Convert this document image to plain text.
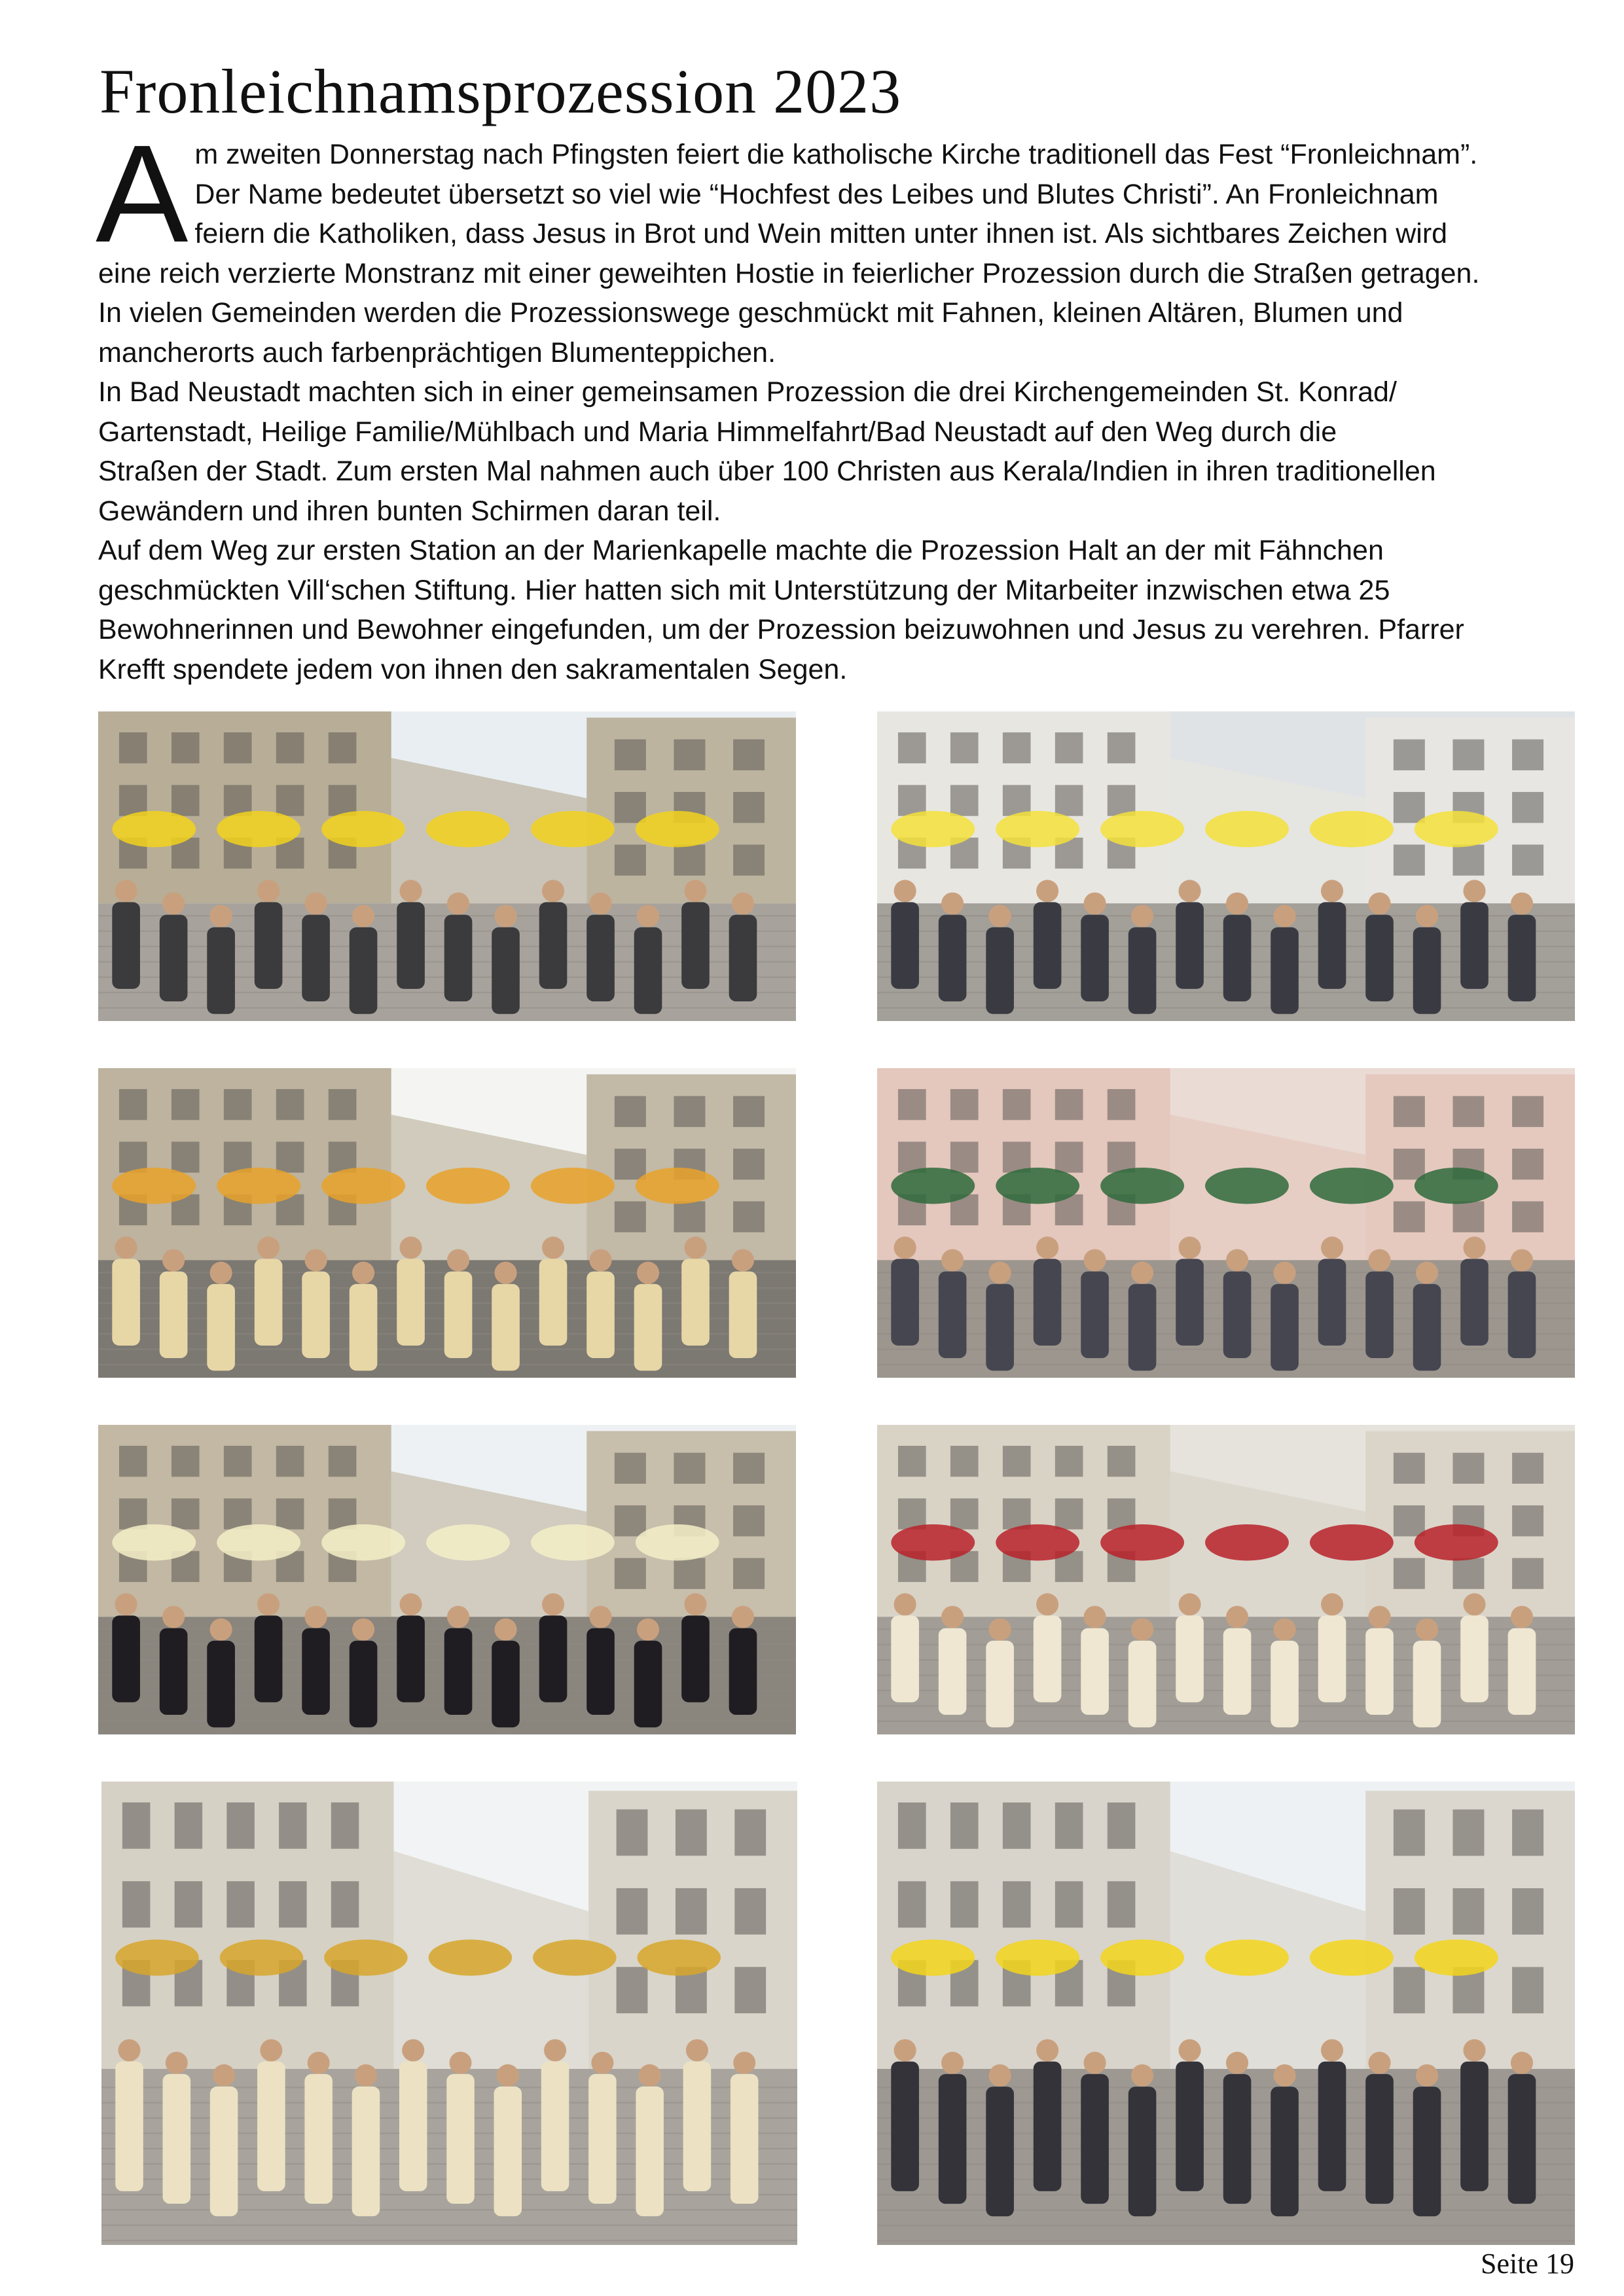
Fronleichnamsprozession 2023
A m zweiten Donnerstag nach Pfingsten feiert die katholische Kirche traditionell das Fest “Fronleichnam”.
Der Name bedeutet übersetzt so viel wie “Hochfest des Leibes und Blutes Christi”. An Fronleichnam
feiern die Katholiken, dass Jesus in Brot und Wein mitten unter ihnen ist. Als sichtbares Zeichen wird
eine reich verzierte Monstranz mit einer geweihten Hostie in feierlicher Prozession durch die Straßen getragen.
In vielen Gemeinden werden die Prozessionswege geschmückt mit Fahnen, kleinen Altären, Blumen und
mancherorts auch farbenprächtigen Blumenteppichen.
In Bad Neustadt machten sich in einer gemeinsamen Prozession die drei Kirchengemeinden St. Konrad/
Gartenstadt, Heilige Familie/Mühlbach und Maria Himmelfahrt/Bad Neustadt auf den Weg durch die
Straßen der Stadt. Zum ersten Mal nahmen auch über 100 Christen aus Kerala/Indien in ihren traditionellen
Gewändern und ihren bunten Schirmen daran teil.
Auf dem Weg zur ersten Station an der Marienkapelle machte die Prozession Halt an der mit Fähnchen
geschmückten Vill‘schen Stiftung. Hier hatten sich mit Unterstützung der Mitarbeiter inzwischen etwa 25
Bewohnerinnen und Bewohner eingefunden, um der Prozession beizuwohnen und Jesus zu verehren. Pfarrer
Krefft spendete jedem von ihnen den sakramentalen Segen.
Seite 19
